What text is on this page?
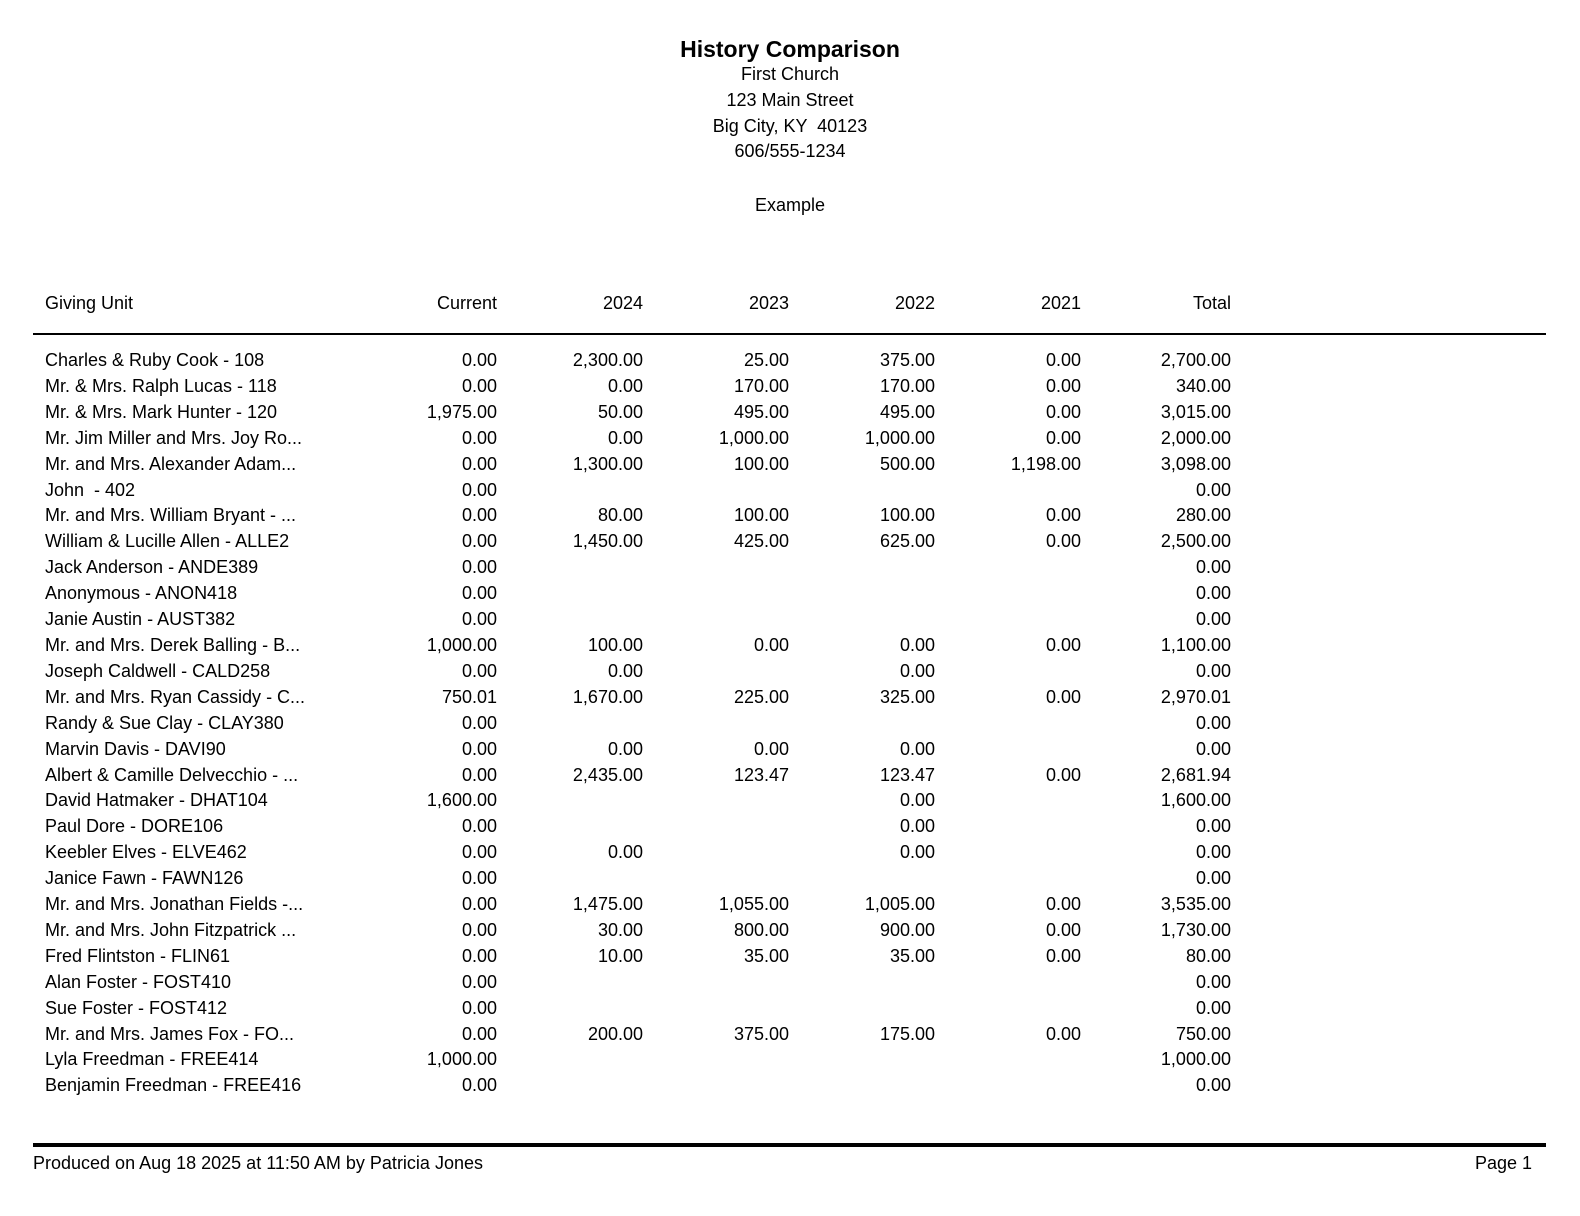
History Comparison
First Church
123 Main Street
Big City, KY  40123
606/555-1234
Example
Giving Unit	Current	2024	2023	2022	2021	Total	
Charles & Ruby Cook - 108	0.00	2,300.00	25.00	375.00	0.00	2,700.00	
Mr. & Mrs. Ralph Lucas - 118	0.00	0.00	170.00	170.00	0.00	340.00	
Mr. & Mrs. Mark Hunter - 120	1,975.00	50.00	495.00	495.00	0.00	3,015.00	
Mr. Jim Miller and Mrs. Joy Ro...	0.00	0.00	1,000.00	1,000.00	0.00	2,000.00	
Mr. and Mrs. Alexander Adam...	0.00	1,300.00	100.00	500.00	1,198.00	3,098.00	
John  - 402	0.00					0.00	
Mr. and Mrs. William Bryant - ...	0.00	80.00	100.00	100.00	0.00	280.00	
William & Lucille Allen - ALLE2	0.00	1,450.00	425.00	625.00	0.00	2,500.00	
Jack Anderson - ANDE389	0.00					0.00	
Anonymous - ANON418	0.00					0.00	
Janie Austin - AUST382	0.00					0.00	
Mr. and Mrs. Derek Balling - B...	1,000.00	100.00	0.00	0.00	0.00	1,100.00	
Joseph Caldwell - CALD258	0.00	0.00		0.00		0.00	
Mr. and Mrs. Ryan Cassidy - C...	750.01	1,670.00	225.00	325.00	0.00	2,970.01	
Randy & Sue Clay - CLAY380	0.00					0.00	
Marvin Davis - DAVI90	0.00	0.00	0.00	0.00		0.00	
Albert & Camille Delvecchio - ...	0.00	2,435.00	123.47	123.47	0.00	2,681.94	
David Hatmaker - DHAT104	1,600.00			0.00		1,600.00	
Paul Dore - DORE106	0.00			0.00		0.00	
Keebler Elves - ELVE462	0.00	0.00		0.00		0.00	
Janice Fawn - FAWN126	0.00					0.00	
Mr. and Mrs. Jonathan Fields -...	0.00	1,475.00	1,055.00	1,005.00	0.00	3,535.00	
Mr. and Mrs. John Fitzpatrick ...	0.00	30.00	800.00	900.00	0.00	1,730.00	
Fred Flintston - FLIN61	0.00	10.00	35.00	35.00	0.00	80.00	
Alan Foster - FOST410	0.00					0.00	
Sue Foster - FOST412	0.00					0.00	
Mr. and Mrs. James Fox - FO...	0.00	200.00	375.00	175.00	0.00	750.00	
Lyla Freedman - FREE414	1,000.00					1,000.00	
Benjamin Freedman - FREE416	0.00					0.00	
Produced on Aug 18 2025 at 11:50 AM by Patricia Jones	Page 1
